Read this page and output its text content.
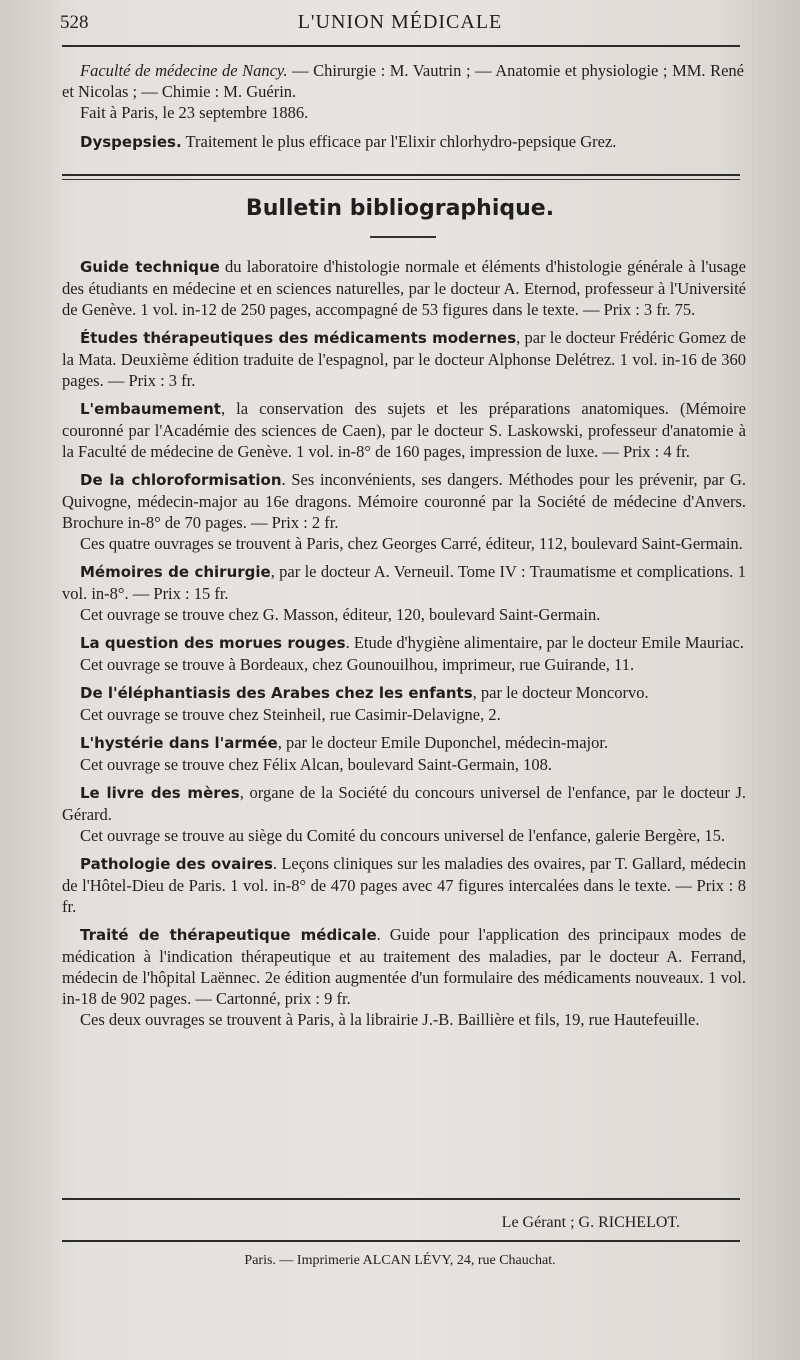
528	L'UNION MÉDICALE

Faculté de médecine de Nancy. — Chirurgie : M. Vautrin ; — Anatomie et physiologie ; MM. René et Nicolas ; — Chimie : M. Guérin.

Fait à Paris, le 23 septembre 1886.

Dyspepsies. Traitement le plus efficace par l'Elixir chlorhydro-pepsique Grez.

Bulletin bibliographique.

Guide technique du laboratoire d'histologie normale et éléments d'histologie générale à l'usage des étudiants en médecine et en sciences naturelles, par le docteur A. Eternod, professeur à l'Université de Genève. 1 vol. in-12 de 250 pages, accompagné de 53 figures dans le texte. — Prix : 3 fr. 75.

Études thérapeutiques des médicaments modernes, par le docteur Frédéric Gomez de la Mata. Deuxième édition traduite de l'espagnol, par le docteur Alphonse Delétrez. 1 vol. in-16 de 360 pages. — Prix : 3 fr.

L'embaumement, la conservation des sujets et les préparations anatomiques. (Mémoire couronné par l'Académie des sciences de Caen), par le docteur S. Laskowski, professeur d'anatomie à la Faculté de médecine de Genève. 1 vol. in-8° de 160 pages, impression de luxe. — Prix : 4 fr.

De la chloroformisation. Ses inconvénients, ses dangers. Méthodes pour les prévenir, par G. Quivogne, médecin-major au 16e dragons. Mémoire couronné par la Société de médecine d'Anvers. Brochure in-8° de 70 pages. — Prix : 2 fr.

Ces quatre ouvrages se trouvent à Paris, chez Georges Carré, éditeur, 112, boulevard Saint-Germain.

Mémoires de chirurgie, par le docteur A. Verneuil. Tome IV : Traumatisme et complications. 1 vol. in-8°. — Prix : 15 fr.

Cet ouvrage se trouve chez G. Masson, éditeur, 120, boulevard Saint-Germain.

La question des morues rouges. Etude d'hygiène alimentaire, par le docteur Emile Mauriac.

Cet ouvrage se trouve à Bordeaux, chez Gounouilhou, imprimeur, rue Guirande, 11.

De l'éléphantiasis des Arabes chez les enfants, par le docteur Moncorvo.

Cet ouvrage se trouve chez Steinheil, rue Casimir-Delavigne, 2.

L'hystérie dans l'armée, par le docteur Emile Duponchel, médecin-major.

Cet ouvrage se trouve chez Félix Alcan, boulevard Saint-Germain, 108.

Le livre des mères, organe de la Société du concours universel de l'enfance, par le docteur J. Gérard.

Cet ouvrage se trouve au siège du Comité du concours universel de l'enfance, galerie Bergère, 15.

Pathologie des ovaires. Leçons cliniques sur les maladies des ovaires, par T. Gallard, médecin de l'Hôtel-Dieu de Paris. 1 vol. in-8° de 470 pages avec 47 figures intercalées dans le texte. — Prix : 8 fr.

Traité de thérapeutique médicale. Guide pour l'application des principaux modes de médication à l'indication thérapeutique et au traitement des maladies, par le docteur A. Ferrand, médecin de l'hôpital Laënnec. 2e édition augmentée d'un formulaire des médicaments nouveaux. 1 vol. in-18 de 902 pages. — Cartonné, prix : 9 fr.

Ces deux ouvrages se trouvent à Paris, à la librairie J.-B. Baillière et fils, 19, rue Hautefeuille.

Le Gérant ; G. RICHELOT.
Paris. — Imprimerie ALCAN LÉVY, 24, rue Chauchat.
